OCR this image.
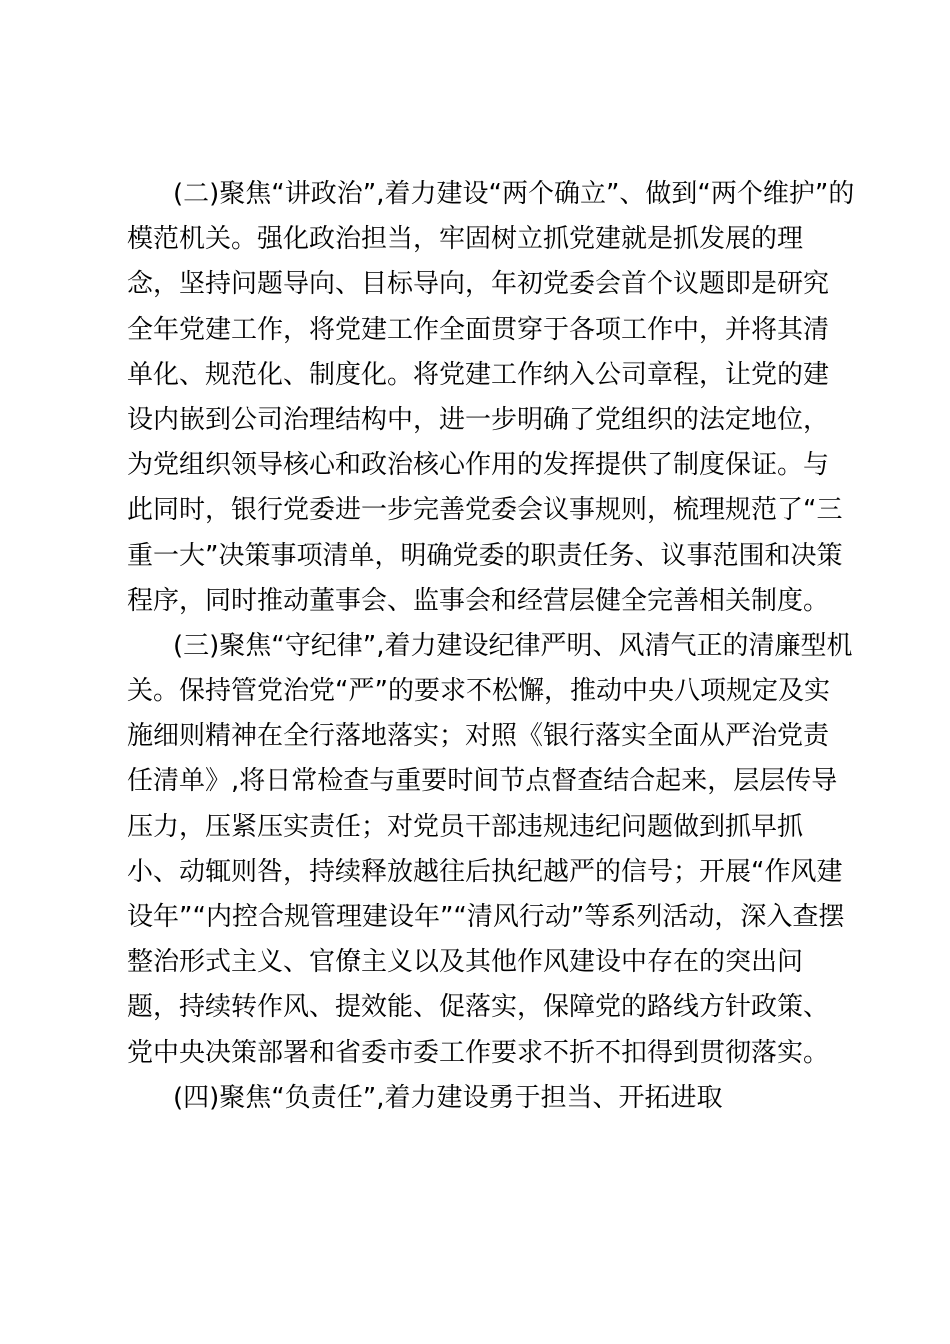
(二)聚焦“讲政治”,着力建设“两个确立”、做到“两个维护”的
模范机关。强化政治担当，牢固树立抓党建就是抓发展的理
念，坚持问题导向、目标导向，年初党委会首个议题即是研究
全年党建工作，将党建工作全面贯穿于各项工作中，并将其清
单化、规范化、制度化。将党建工作纳入公司章程，让党的建
设内嵌到公司治理结构中，进一步明确了党组织的法定地位，
为党组织领导核心和政治核心作用的发挥提供了制度保证。与
此同时，银行党委进一步完善党委会议事规则，梳理规范了“三
重一大”决策事项清单，明确党委的职责任务、议事范围和决策
程序，同时推动董事会、监事会和经营层健全完善相关制度。
(三)聚焦“守纪律”,着力建设纪律严明、风清气正的清廉型机
关。保持管党治党“严”的要求不松懈，推动中央八项规定及实
施细则精神在全行落地落实；对照《银行落实全面从严治党责
任清单》,将日常检查与重要时间节点督查结合起来，层层传导
压力，压紧压实责任；对党员干部违规违纪问题做到抓早抓
小、动辄则咎，持续释放越往后执纪越严的信号；开展“作风建
设年”“内控合规管理建设年”“清风行动”等系列活动，深入查摆
整治形式主义、官僚主义以及其他作风建设中存在的突出问
题，持续转作风、提效能、促落实，保障党的路线方针政策、
党中央决策部署和省委市委工作要求不折不扣得到贯彻落实。
(四)聚焦“负责任”,着力建设勇于担当、开拓进取
